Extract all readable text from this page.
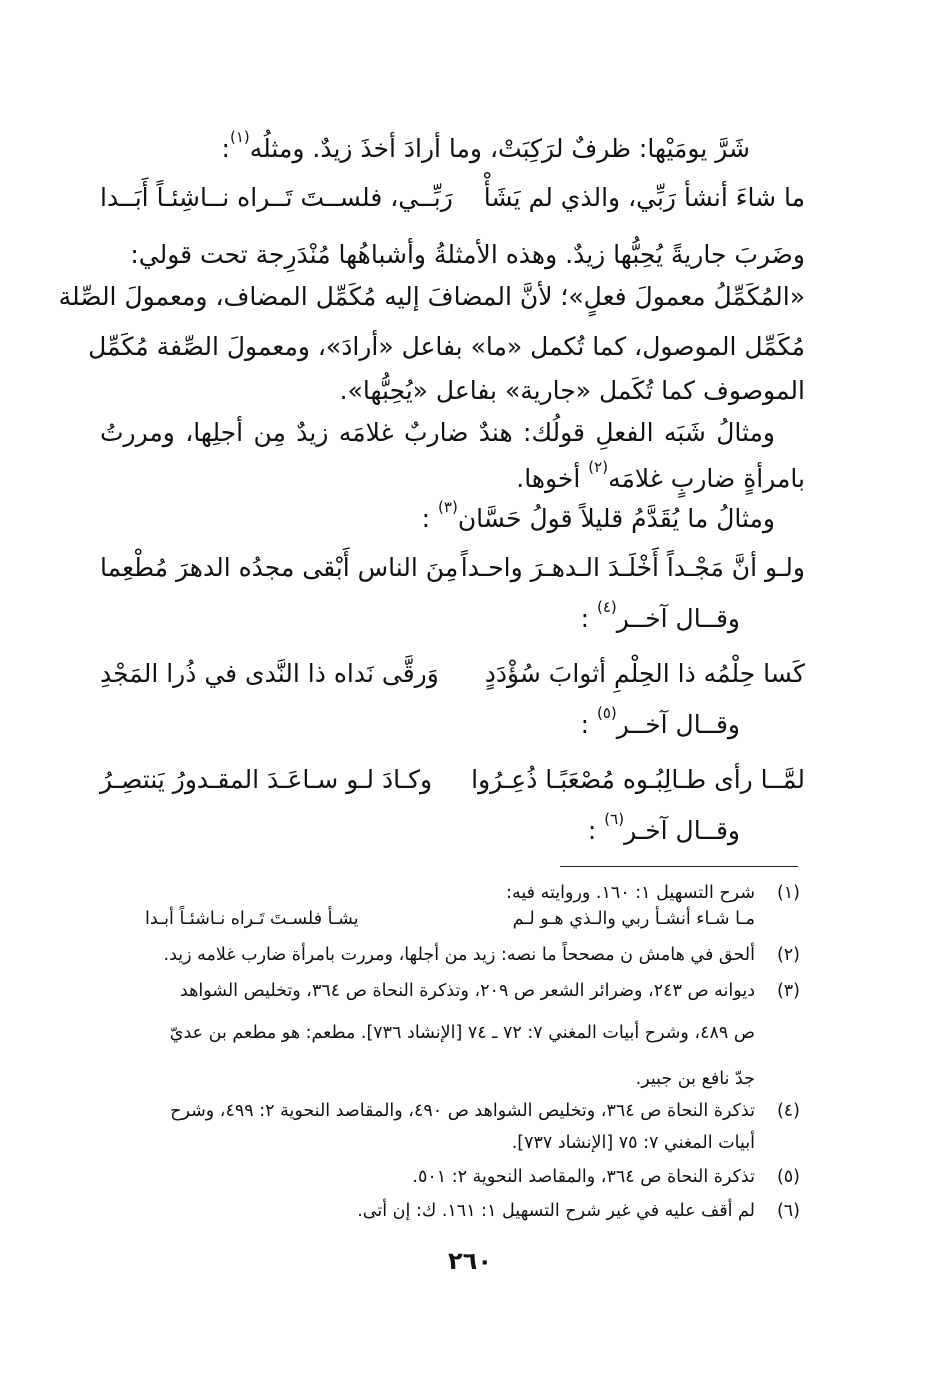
شَرَّ يومَيْها: ظرفٌ لرَكِبَتْ، وما أرادَ أخذَ زيدٌ. ومثلُه$^{(١)}$:
ما شاءَ أنشأ رَبِّي، والذي لم يَشَأْ
رَبِّــي، فلســتَ تَــراه نــاشِئـاً أَبَــدا
وضَربَ جاريةً يُحِبُّها زيدٌ. وهذه الأمثلةُ وأشباهُها مُنْدَرِجة تحت قولي:
«المُكَمِّلُ معمولَ فعلٍ»؛ لأنَّ المضافَ إليه مُكَمِّل المضاف، ومعمولَ الصِّلة
مُكَمِّل الموصول، كما تُكمل «ما» بفاعل «أرادَ»، ومعمولَ الصِّفة مُكَمِّل
الموصوف كما تُكَمل «جارية» بفاعل «يُحِبُّها».
ومثالُ شَبَه الفعلِ قولُك: هندٌ ضاربٌ غلامَه زيدٌ مِن أجلِها، ومررتُ
بامرأةٍ ضاربٍ غلامَه$^{(٢)}$ أخوها.
ومثالُ ما يُقَدَّمُ قليلاً قولُ حَسَّان$^{(٣)}$ :
ولـو أنَّ مَجْـداً أَخْلَـدَ الـدهـرَ واحـداً
مِنَ الناس أَبْقى مجدُه الدهرَ مُطْعِما
وقــال آخــر$^{(٤)}$ :
كَسا حِلْمُه ذا الحِلْمِ أثوابَ سُؤْدَدٍ
وَرقَّى نَداه ذا النَّدى في ذُرا المَجْدِ
وقــال آخــر$^{(٥)}$ :
لمَّــا رأى طـالِبُـوه مُصْعَبًـا ذُعِـرُوا
وكـادَ لـو سـاعَـدَ المقـدورُ يَنتصِـرُ
وقــال آخـر$^{(٦)}$ :
(١)
شرح التسهيل ١: ١٦٠. وروايته فيه:
مـا شـاء أنشـأ ربي والـذي هـو لـم
يشـأ فلسـتَ تَـراه نـاشئـاً أبـدا
(٢)
ألحق في هامش ن مصححاً ما نصه: زيد من أجلها، ومررت بامرأة ضارب غلامه زيد.
(٣)
ديوانه ص ٢٤٣، وضرائر الشعر ص ٢٠٩، وتذكرة النحاة ص ٣٦٤، وتخليص الشواهد
ص ٤٨٩، وشرح أبيات المغني ٧: ٧٢ ـ ٧٤ [الإنشاد ٧٣٦]. مطعم: هو مطعم بن عديّ
جدّ نافع بن جبير.
(٤)
تذكرة النحاة ص ٣٦٤، وتخليص الشواهد ص ٤٩٠، والمقاصد النحوية ٢: ٤٩٩، وشرح
أبيات المغني ٧: ٧٥ [الإنشاد ٧٣٧].
(٥)
تذكرة النحاة ص ٣٦٤، والمقاصد النحوية ٢: ٥٠١.
(٦)
لم أقف عليه في غير شرح التسهيل ١: ١٦١. ك: إن أتى.
٢٦٠
